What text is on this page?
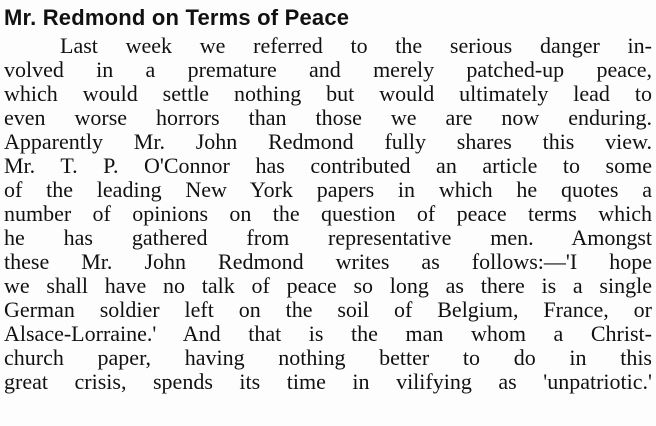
Mr. Redmond on Terms of Peace

Last week we referred to the serious danger in-

volved in a premature and merely patched-up peace,

which would settle nothing but would ultimately lead to

even worse horrors than those we are now enduring.

Apparently Mr. John Redmond fully shares this view.

Mr. T. P. O'Connor has contributed an article to some

of the leading New York papers in which he quotes a

number of opinions on the question of peace terms which

he has gathered from representative men. Amongst

these Mr. John Redmond writes as follows:—'I hope

we shall have no talk of peace so long as there is a single

German soldier left on the soil of Belgium, France, or

Alsace-Lorraine.' And that is the man whom a Christ-

church paper, having nothing better to do in this

great crisis, spends its time in vilifying as 'unpatriotic.'
